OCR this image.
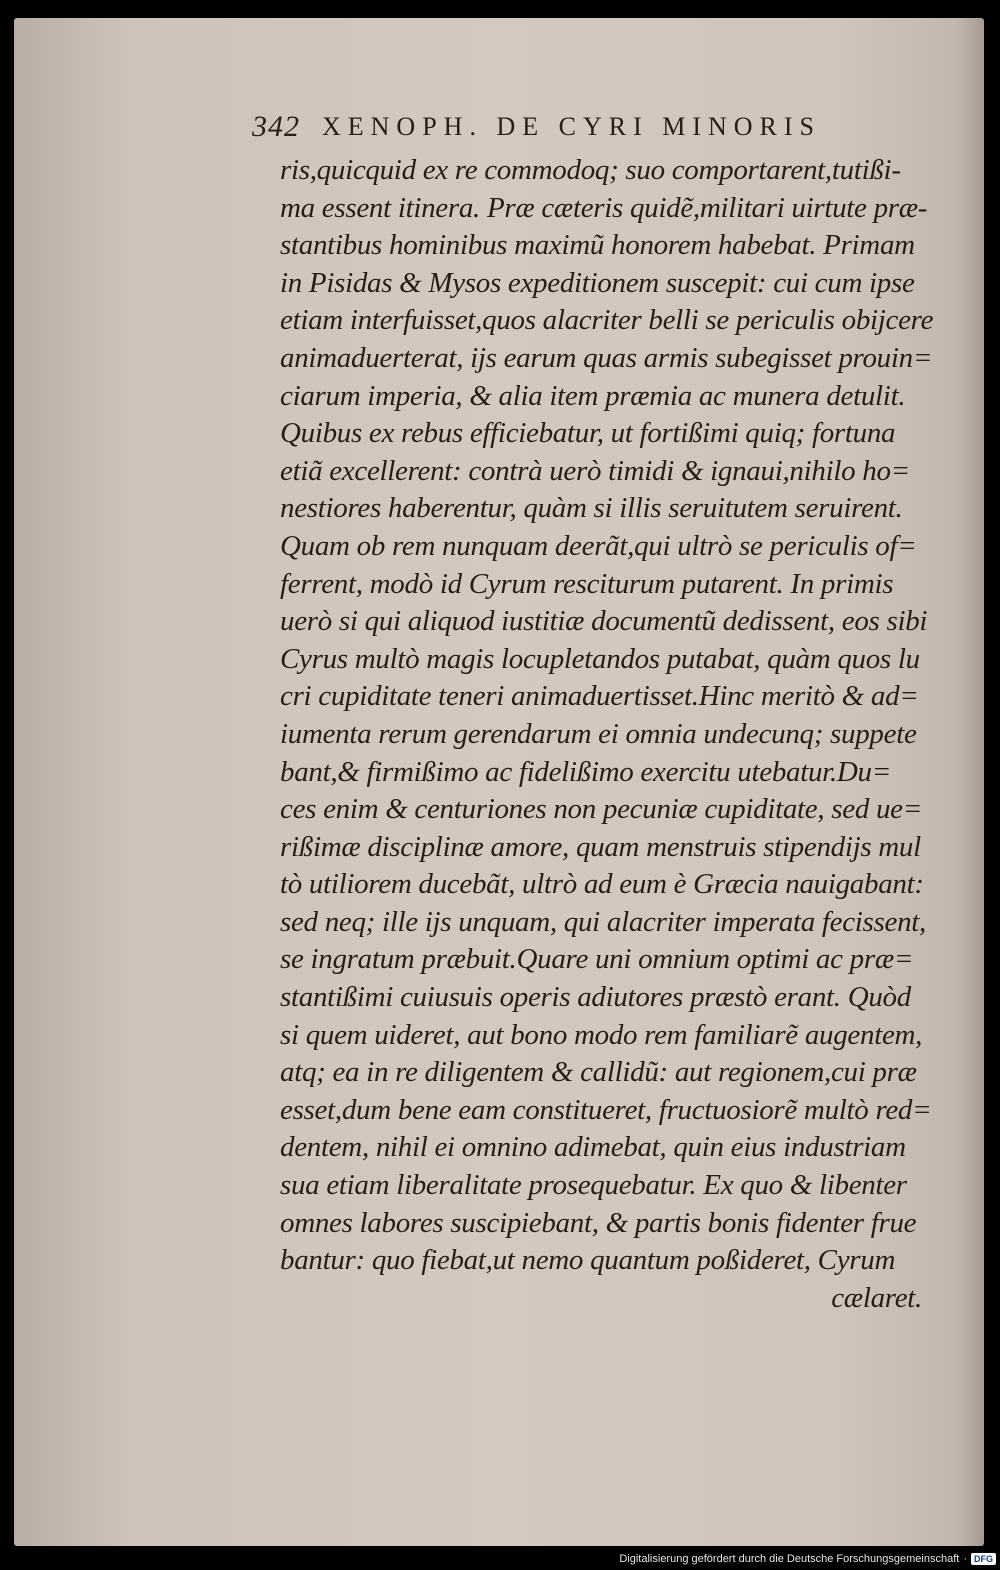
342 XENOPH. DE CYRI MINORIS
ris,quicquid ex re commodoq; suo comportarent,tutißi-
ma essent itinera. Præ cæteris quidẽ,militari uirtute præ-
stantibus hominibus maximũ honorem habebat. Primam
in Pisidas & Mysos expeditionem suscepit: cui cum ipse
etiam interfuisset,quos alacriter belli se periculis obijcere
animaduerterat, ijs earum quas armis subegisset prouin=
ciarum imperia, & alia item præmia ac munera detulit.
Quibus ex rebus efficiebatur, ut fortißimi quiq; fortuna
etiã excellerent: contrà uerò timidi & ignaui,nihilo ho=
nestiores haberentur, quàm si illis seruitutem seruirent.
Quam ob rem nunquam deerãt,qui ultrò se periculis of=
ferrent, modò id Cyrum resciturum putarent. In primis
uerò si qui aliquod iustitiæ documentũ dedissent, eos sibi
Cyrus multò magis locupletandos putabat, quàm quos lu
cri cupiditate teneri animaduertisset.Hinc meritò & ad=
iumenta rerum gerendarum ei omnia undecunq; suppete
bant,& firmißimo ac fidelißimo exercitu utebatur.Du=
ces enim & centuriones non pecuniæ cupiditate, sed ue=
rißimæ disciplinæ amore, quam menstruis stipendijs mul
tò utiliorem ducebãt, ultrò ad eum è Græcia nauigabant:
sed neq; ille ijs unquam, qui alacriter imperata fecissent,
se ingratum præbuit.Quare uni omnium optimi ac præ=
stantißimi cuiusuis operis adiutores præstò erant. Quòd
si quem uideret, aut bono modo rem familiarẽ augentem,
atq; ea in re diligentem & callidũ: aut regionem,cui præ
esset,dum bene eam constitueret, fructuosiorẽ multò red=
dentem, nihil ei omnino adimebat, quin eius industriam
sua etiam liberalitate prosequebatur. Ex quo & libenter
omnes labores suscipiebant, & partis bonis fidenter frue
bantur: quo fiebat,ut nemo quantum poßideret, Cyrum
cælaret.
Digitalisierung gefördert durch die Deutsche Forschungsgemeinschaft · DFG
